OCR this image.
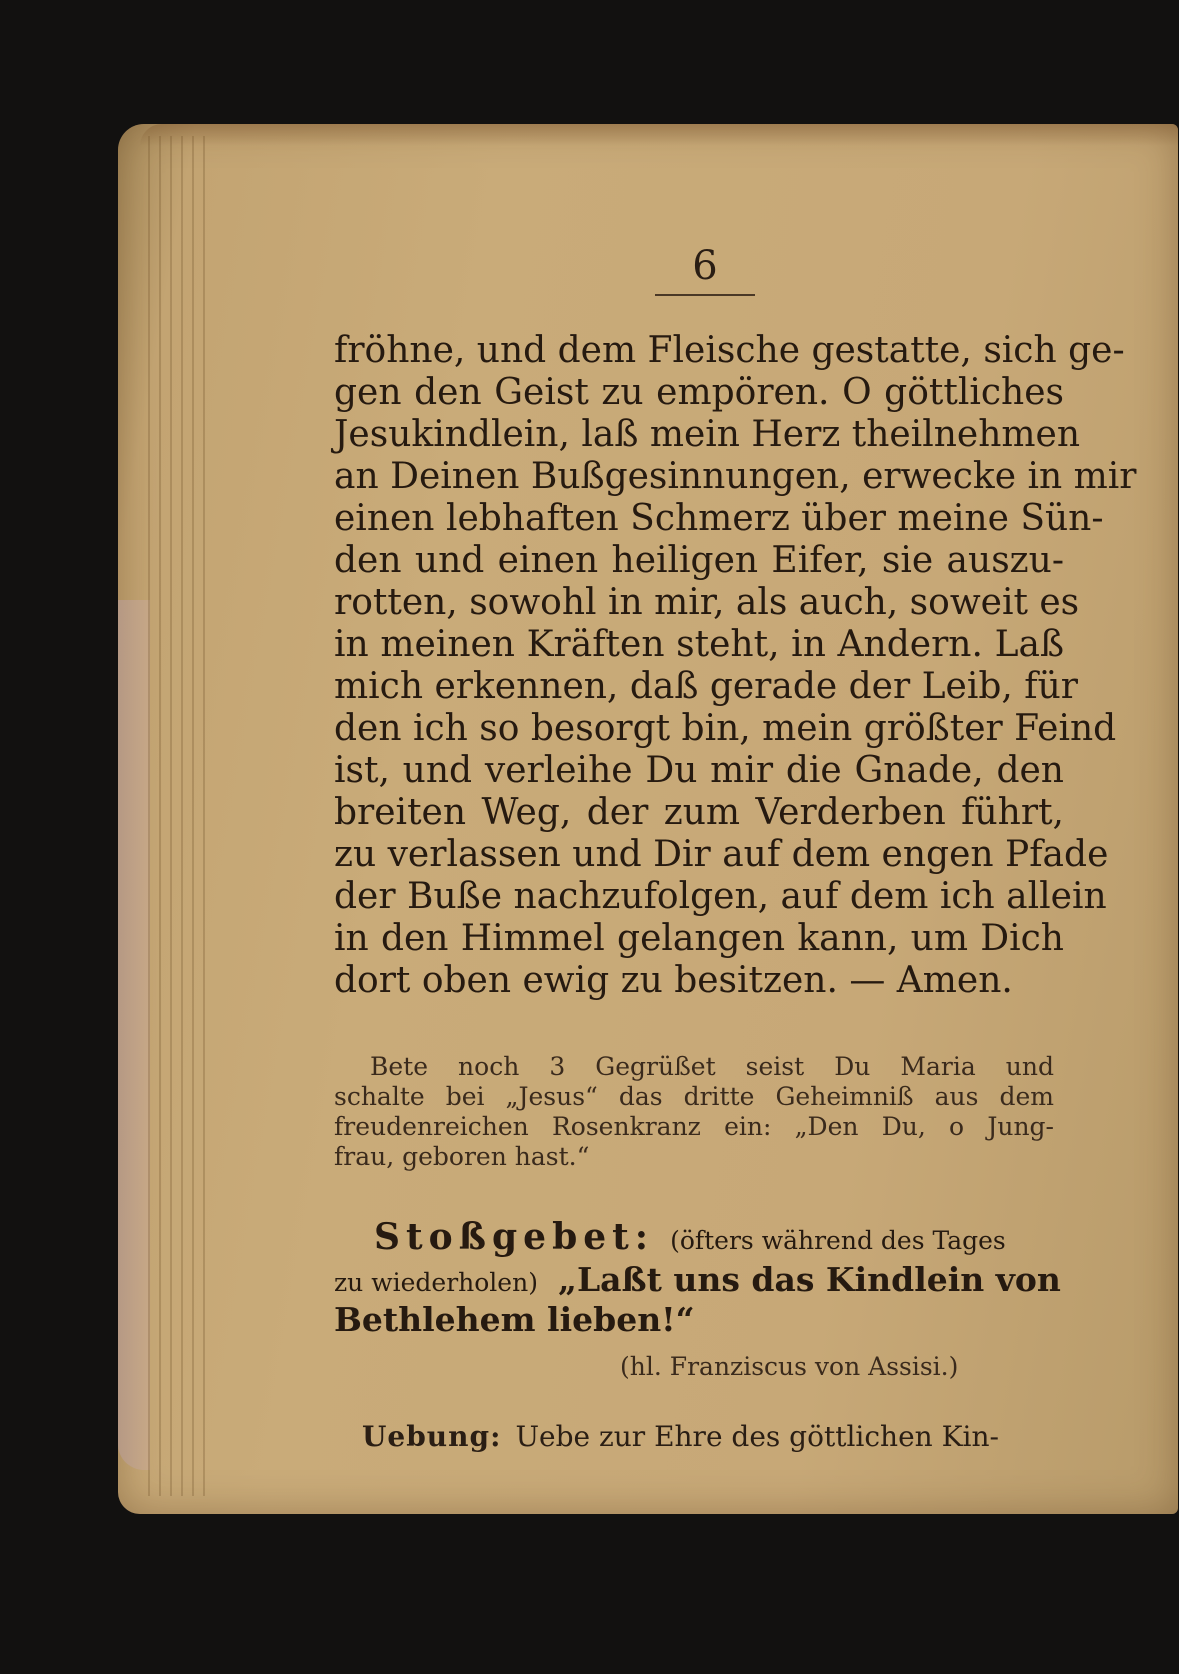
6
fröhne, und dem Fleische gestatte, sich ge-
gen den Geist zu empören. O göttliches
Jesukindlein, laß mein Herz theilnehmen
an Deinen Bußgesinnungen, erwecke in mir
einen lebhaften Schmerz über meine Sün-
den und einen heiligen Eifer, sie auszu-
rotten, sowohl in mir, als auch, soweit es
in meinen Kräften steht, in Andern. Laß
mich erkennen, daß gerade der Leib, für
den ich so besorgt bin, mein größter Feind
ist, und verleihe Du mir die Gnade, den
breiten Weg, der zum Verderben führt,
zu verlassen und Dir auf dem engen Pfade
der Buße nachzufolgen, auf dem ich allein
in den Himmel gelangen kann, um Dich
dort oben ewig zu besitzen. — Amen.
Bete noch 3 Gegrüßet seist Du Maria und
schalte bei „Jesus“ das dritte Geheimniß aus dem
freudenreichen Rosenkranz ein: „Den Du, o Jung-
frau, geboren hast.“
Stoßgebet: (öfters während des Tages
zu wiederholen) „Laßt uns das Kindlein von
Bethlehem lieben!“
(hl. Franziscus von Assisi.)
Uebung: Uebe zur Ehre des göttlichen Kin-
